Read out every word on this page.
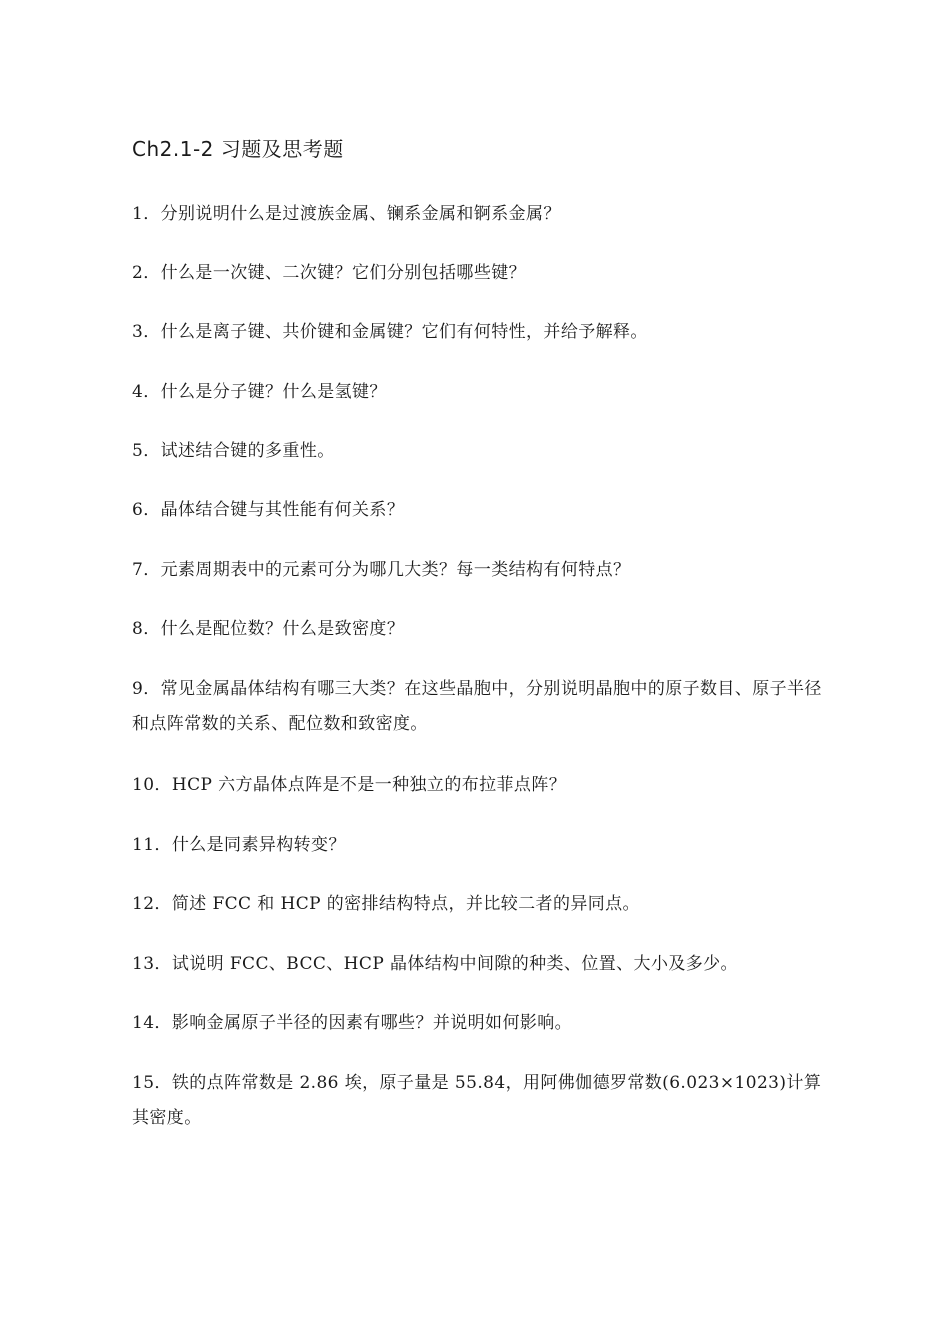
Ch2.1-2 习题及思考题
1．分别说明什么是过渡族金属、镧系金属和锕系金属？
2．什么是一次键、二次键？它们分别包括哪些键？
3．什么是离子键、共价键和金属键？它们有何特性，并给予解释。
4．什么是分子键？什么是氢键？
5．试述结合键的多重性。
6．晶体结合键与其性能有何关系？
7．元素周期表中的元素可分为哪几大类？每一类结构有何特点？
8．什么是配位数？什么是致密度？
9．常见金属晶体结构有哪三大类？在这些晶胞中，分别说明晶胞中的原子数目、原子半径和点阵常数的关系、配位数和致密度。
10．HCP 六方晶体点阵是不是一种独立的布拉菲点阵？
11．什么是同素异构转变？
12．简述 FCC 和 HCP 的密排结构特点，并比较二者的异同点。
13．试说明 FCC、BCC、HCP 晶体结构中间隙的种类、位置、大小及多少。
14．影响金属原子半径的因素有哪些？并说明如何影响。
15．铁的点阵常数是 2.86 埃，原子量是 55.84，用阿佛伽德罗常数(6.023×1023)计算其密度。
